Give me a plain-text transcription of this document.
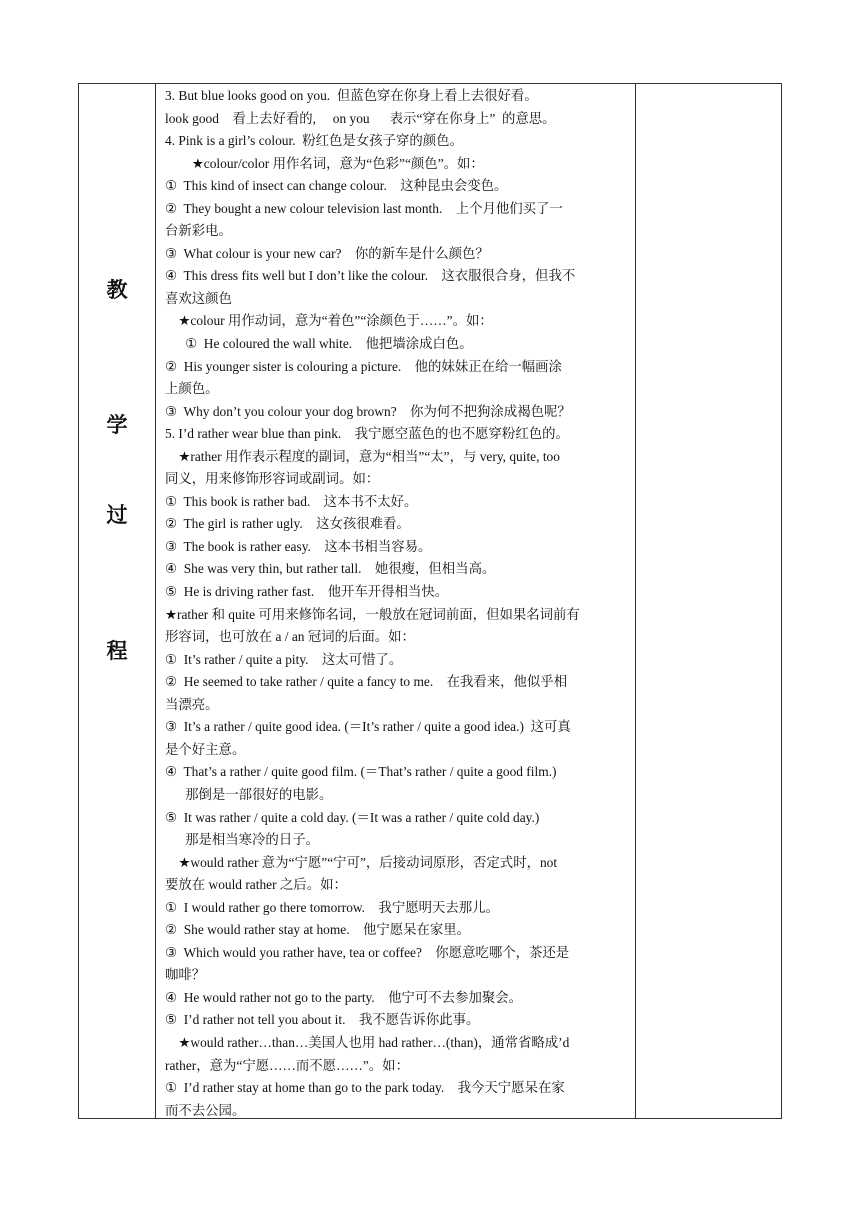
教
学
过
程
3. But blue looks good on you.  但蓝色穿在你身上看上去很好看。
look good    看上去好看的,     on you      表示“穿在你身上”  的意思。
4. Pink is a girl’s colour.  粉红色是女孩子穿的颜色。
★colour/color 用作名词，意为“色彩”“颜色”。如：
①  This kind of insect can change colour.    这种昆虫会变色。
②  They bought a new colour television last month.    上个月他们买了一
台新彩电。
③  What colour is your new car?    你的新车是什么颜色？
④  This dress fits well but I don’t like the colour.    这衣服很合身，但我不
喜欢这颜色
★colour 用作动词，意为“着色”“涂颜色于……”。如：
①  He coloured the wall white.    他把墙涂成白色。
②  His younger sister is colouring a picture.    他的妹妹正在给一幅画涂
上颜色。
③  Why don’t you colour your dog brown?    你为何不把狗涂成褐色呢？
5. I’d rather wear blue than pink.    我宁愿空蓝色的也不愿穿粉红色的。
★rather 用作表示程度的副词，意为“相当”“太”，与 very, quite, too
同义，用来修饰形容词或副词。如：
①  This book is rather bad.    这本书不太好。
②  The girl is rather ugly.    这女孩很难看。
③  The book is rather easy.    这本书相当容易。
④  She was very thin, but rather tall.    她很瘦，但相当高。
⑤  He is driving rather fast.    他开车开得相当快。
★rather 和 quite 可用来修饰名词，一般放在冠词前面，但如果名词前有
形容词，也可放在 a / an 冠词的后面。如：
①  It’s rather / quite a pity.    这太可惜了。
②  He seemed to take rather / quite a fancy to me.    在我看来，他似乎相
当漂亮。
③  It’s a rather / quite good idea. (＝It’s rather / quite a good idea.)  这可真
是个好主意。
④  That’s a rather / quite good film. (＝That’s rather / quite a good film.)
那倒是一部很好的电影。
⑤  It was rather / quite a cold day. (＝It was a rather / quite cold day.)
那是相当寒冷的日子。
★would rather 意为“宁愿”“宁可”，后接动词原形，否定式时，not
要放在 would rather 之后。如：
①  I would rather go there tomorrow.    我宁愿明天去那儿。
②  She would rather stay at home.    他宁愿呆在家里。
③  Which would you rather have, tea or coffee?    你愿意吃哪个，茶还是
咖啡？
④  He would rather not go to the party.    他宁可不去参加聚会。
⑤  I’d rather not tell you about it.    我不愿告诉你此事。
★would rather…than…美国人也用 had rather…(than)，通常省略成’d
rather，意为“宁愿……而不愿……”。如：
①  I’d rather stay at home than go to the park today.    我今天宁愿呆在家
而不去公园。
